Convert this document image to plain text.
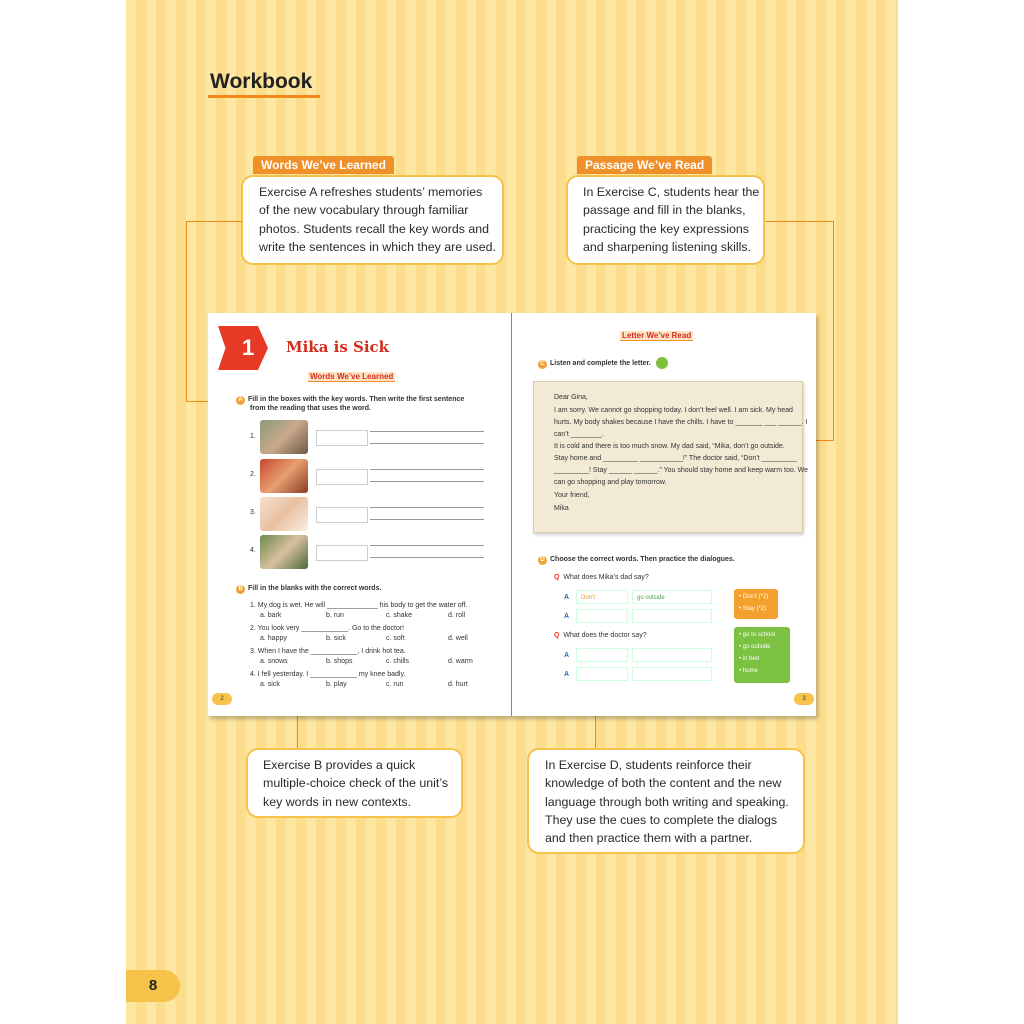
Workbook
Words We’ve Learned
Exercise A refreshes students’ memories
of the new vocabulary through familiar
photos. Students recall the key words and
write the sentences in which they are used.
Passage We’ve Read
In Exercise C, students hear the
passage and fill in the blanks,
practicing the key expressions
and sharpening listening skills.
1 Mika is Sick
Words We’ve Learned
A Fill in the boxes with the key words. Then write the first sentence
from the reading that uses the word.
1.
2.
3.
4.
B Fill in the blanks with the correct words.
1. My dog is wet. He will _____________ his body to get the water off.
a. bark	b. run	c. shake	d. roll
2. You look very ____________. Go to the doctor!
a. happy	b. sick	c. soft	d. well
3. When I have the ____________, I drink hot tea.
a. snows	b. shops	c. chills	d. warm
4. I fell yesterday. I ____________ my knee badly.
a. sick	b. play	c. run	d. hurt
2
Letter We’ve Read
C Listen and complete the letter.
Dear Gina,
I am sorry. We cannot go shopping today. I don’t feel well. I am sick. My head
hurts. My body shakes because I have the chills. I have to _______ ___ ______. I
can’t ________.
It is cold and there is too much snow. My dad said, “Mika, don’t go outside.
Stay home and _________ ___________!” The doctor said, “Don’t _________
_________! Stay ______ ______.” You should stay home and keep warm too. We
can go shopping and play tomorrow.
Your friend,
Mika
D Choose the correct words. Then practice the dialogues.
Q What does Mika’s dad say?
A	Don’t	go outside
A
• Don’t (*2)
• Stay (*2)
Q What does the doctor say?
A
A
• go to school
• go outside
• in bed
• home
3
Exercise B provides a quick
multiple-choice check of the unit’s
key words in new contexts.
In Exercise D, students reinforce their
knowledge of both the content and the new
language through both writing and speaking.
They use the cues to complete the dialogs
and then practice them with a partner.
8
